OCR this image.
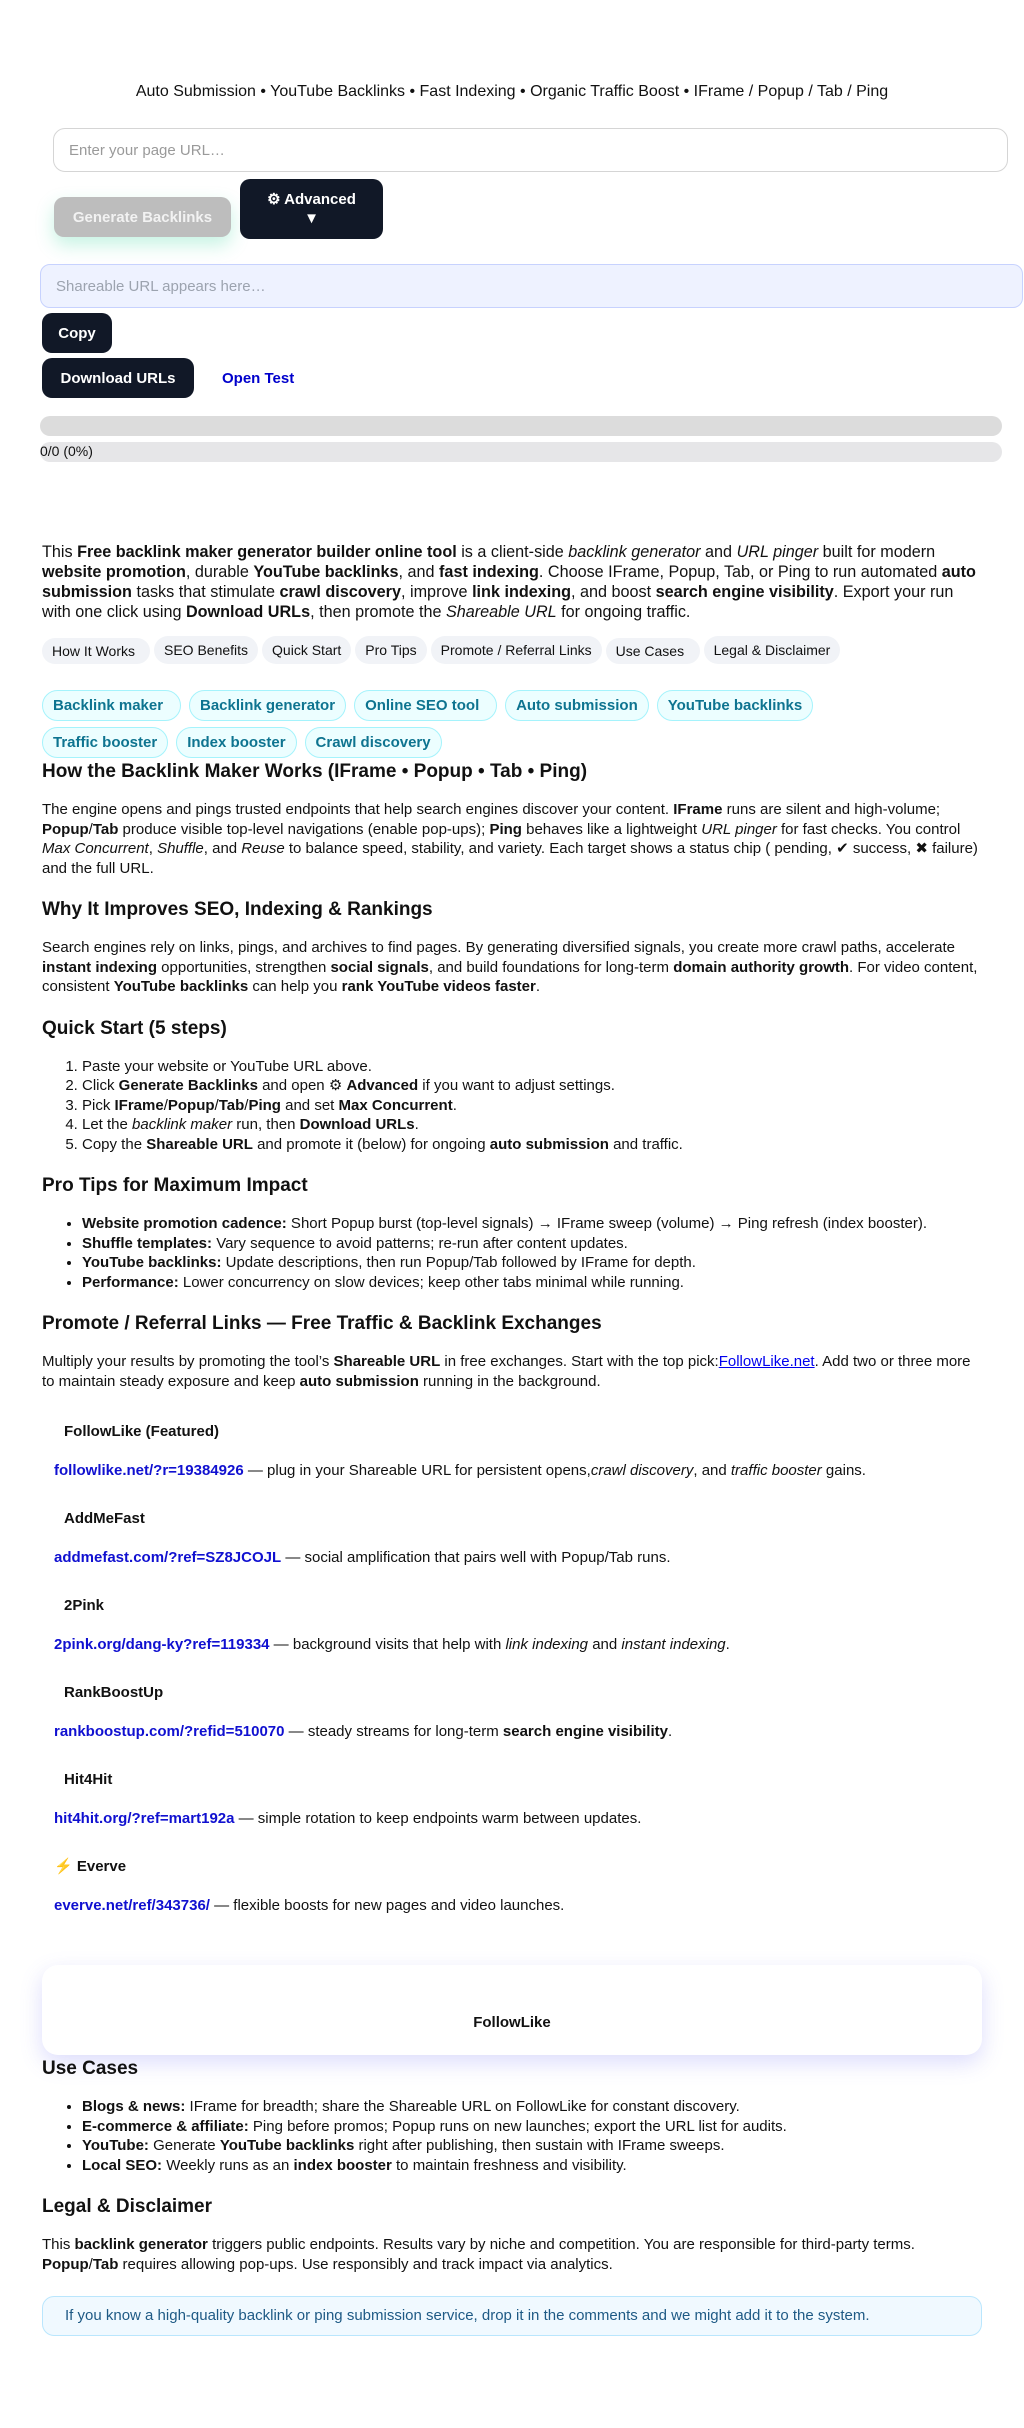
Auto Submission • YouTube Backlinks • Fast Indexing • Organic Traffic Boost • IFrame / Popup / Tab / Ping

Enter your page URL…
Generate Backlinks
⚙ Advanced
▼
Shareable URL appears here…
Copy
Download URLs	Open Test
0/0 (0%)

This Free backlink maker generator builder online tool is a client-side backlink generator and URL pinger built for modern website promotion, durable YouTube backlinks, and fast indexing. Choose IFrame, Popup, Tab, or Ping to run automated auto submission tasks that stimulate crawl discovery, improve link indexing, and boost search engine visibility. Export your run with one click using Download URLs, then promote the Shareable URL for ongoing traffic.

How It Works	SEO Benefits	Quick Start	Pro Tips	Promote / Referral Links	Use Cases	Legal & Disclaimer
Backlink maker	Backlink generator	Online SEO tool	Auto submission	YouTube backlinks
Traffic booster	Index booster	Crawl discovery
How the Backlink Maker Works (IFrame • Popup • Tab • Ping)

The engine opens and pings trusted endpoints that help search engines discover your content. IFrame runs are silent and high-volume; Popup/Tab produce visible top-level navigations (enable pop-ups); Ping behaves like a lightweight URL pinger for fast checks. You control Max Concurrent, Shuffle, and Reuse to balance speed, stability, and variety. Each target shows a status chip ( pending, ✔ success, ✖ failure) and the full URL.

Why It Improves SEO, Indexing & Rankings

Search engines rely on links, pings, and archives to find pages. By generating diversified signals, you create more crawl paths, accelerate instant indexing opportunities, strengthen social signals, and build foundations for long-term domain authority growth. For video content, consistent YouTube backlinks can help you rank YouTube videos faster.

Quick Start (5 steps)
1. Paste your website or YouTube URL above.
2. Click Generate Backlinks and open ⚙ Advanced if you want to adjust settings.
3. Pick IFrame/Popup/Tab/Ping and set Max Concurrent.
4. Let the backlink maker run, then Download URLs.
5. Copy the Shareable URL and promote it (below) for ongoing auto submission and traffic.
Pro Tips for Maximum Impact
• Website promotion cadence: Short Popup burst (top-level signals) → IFrame sweep (volume) → Ping refresh (index booster).
• Shuffle templates: Vary sequence to avoid patterns; re-run after content updates.
• YouTube backlinks: Update descriptions, then run Popup/Tab followed by IFrame for depth.
• Performance: Lower concurrency on slow devices; keep other tabs minimal while running.
Promote / Referral Links — Free Traffic & Backlink Exchanges

Multiply your results by promoting the tool’s Shareable URL in free exchanges. Start with the top pick:FollowLike.net. Add two or three more to maintain steady exposure and keep auto submission running in the background.

FollowLike (Featured)

followlike.net/?r=19384926 — plug in your Shareable URL for persistent opens,crawl discovery, and traffic booster gains.

AddMeFast

addmefast.com/?ref=SZ8JCOJL — social amplification that pairs well with Popup/Tab runs.

2Pink

2pink.org/dang-ky?ref=119334 — background visits that help with link indexing and instant indexing.

RankBoostUp

rankboostup.com/?refid=510070 — steady streams for long-term search engine visibility.

Hit4Hit

hit4hit.org/?ref=mart192a — simple rotation to keep endpoints warm between updates.

⚡ Everve

everve.net/ref/343736/ — flexible boosts for new pages and video launches.

FollowLike
Use Cases
• Blogs & news: IFrame for breadth; share the Shareable URL on FollowLike for constant discovery.
• E-commerce & affiliate: Ping before promos; Popup runs on new launches; export the URL list for audits.
• YouTube: Generate YouTube backlinks right after publishing, then sustain with IFrame sweeps.
• Local SEO: Weekly runs as an index booster to maintain freshness and visibility.
Legal & Disclaimer

This backlink generator triggers public endpoints. Results vary by niche and competition. You are responsible for third-party terms. Popup/Tab requires allowing pop-ups. Use responsibly and track impact via analytics.

If you know a high-quality backlink or ping submission service, drop it in the comments and we might add it to the system.
